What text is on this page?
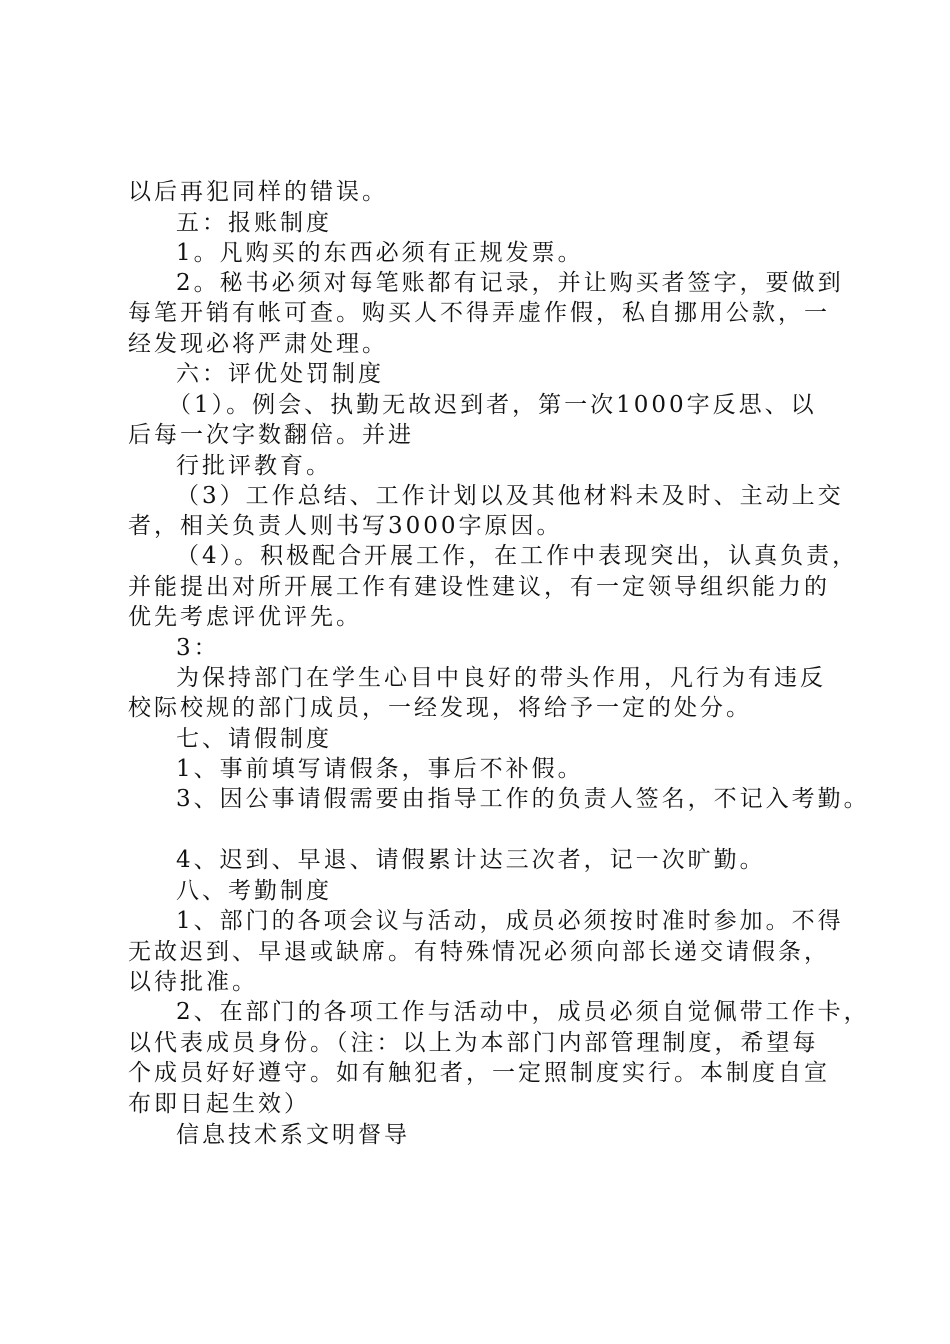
以后再犯同样的错误。
五：报账制度
1。凡购买的东西必须有正规发票。
2。秘书必须对每笔账都有记录，并让购买者签字，要做到
每笔开销有帐可查。购买人不得弄虚作假，私自挪用公款，一
经发现必将严肃处理。
六：评优处罚制度
（1）。例会、执勤无故迟到者，第一次1000字反思、以
后每一次字数翻倍。并进
行批评教育。
（3）工作总结、工作计划以及其他材料未及时、主动上交
者，相关负责人则书写3000字原因。
（4）。积极配合开展工作，在工作中表现突出，认真负责，
并能提出对所开展工作有建设性建议，有一定领导组织能力的
优先考虑评优评先。
3：
为保持部门在学生心目中良好的带头作用，凡行为有违反
校际校规的部门成员，一经发现，将给予一定的处分。
七、请假制度
1、事前填写请假条，事后不补假。
3、因公事请假需要由指导工作的负责人签名，不记入考勤。
4、迟到、早退、请假累计达三次者，记一次旷勤。
八、考勤制度
1、部门的各项会议与活动，成员必须按时准时参加。不得
无故迟到、早退或缺席。有特殊情况必须向部长递交请假条，
以待批准。
2、在部门的各项工作与活动中，成员必须自觉佩带工作卡，
以代表成员身份。（注：以上为本部门内部管理制度，希望每
个成员好好遵守。如有触犯者，一定照制度实行。本制度自宣
布即日起生效）
信息技术系文明督导
